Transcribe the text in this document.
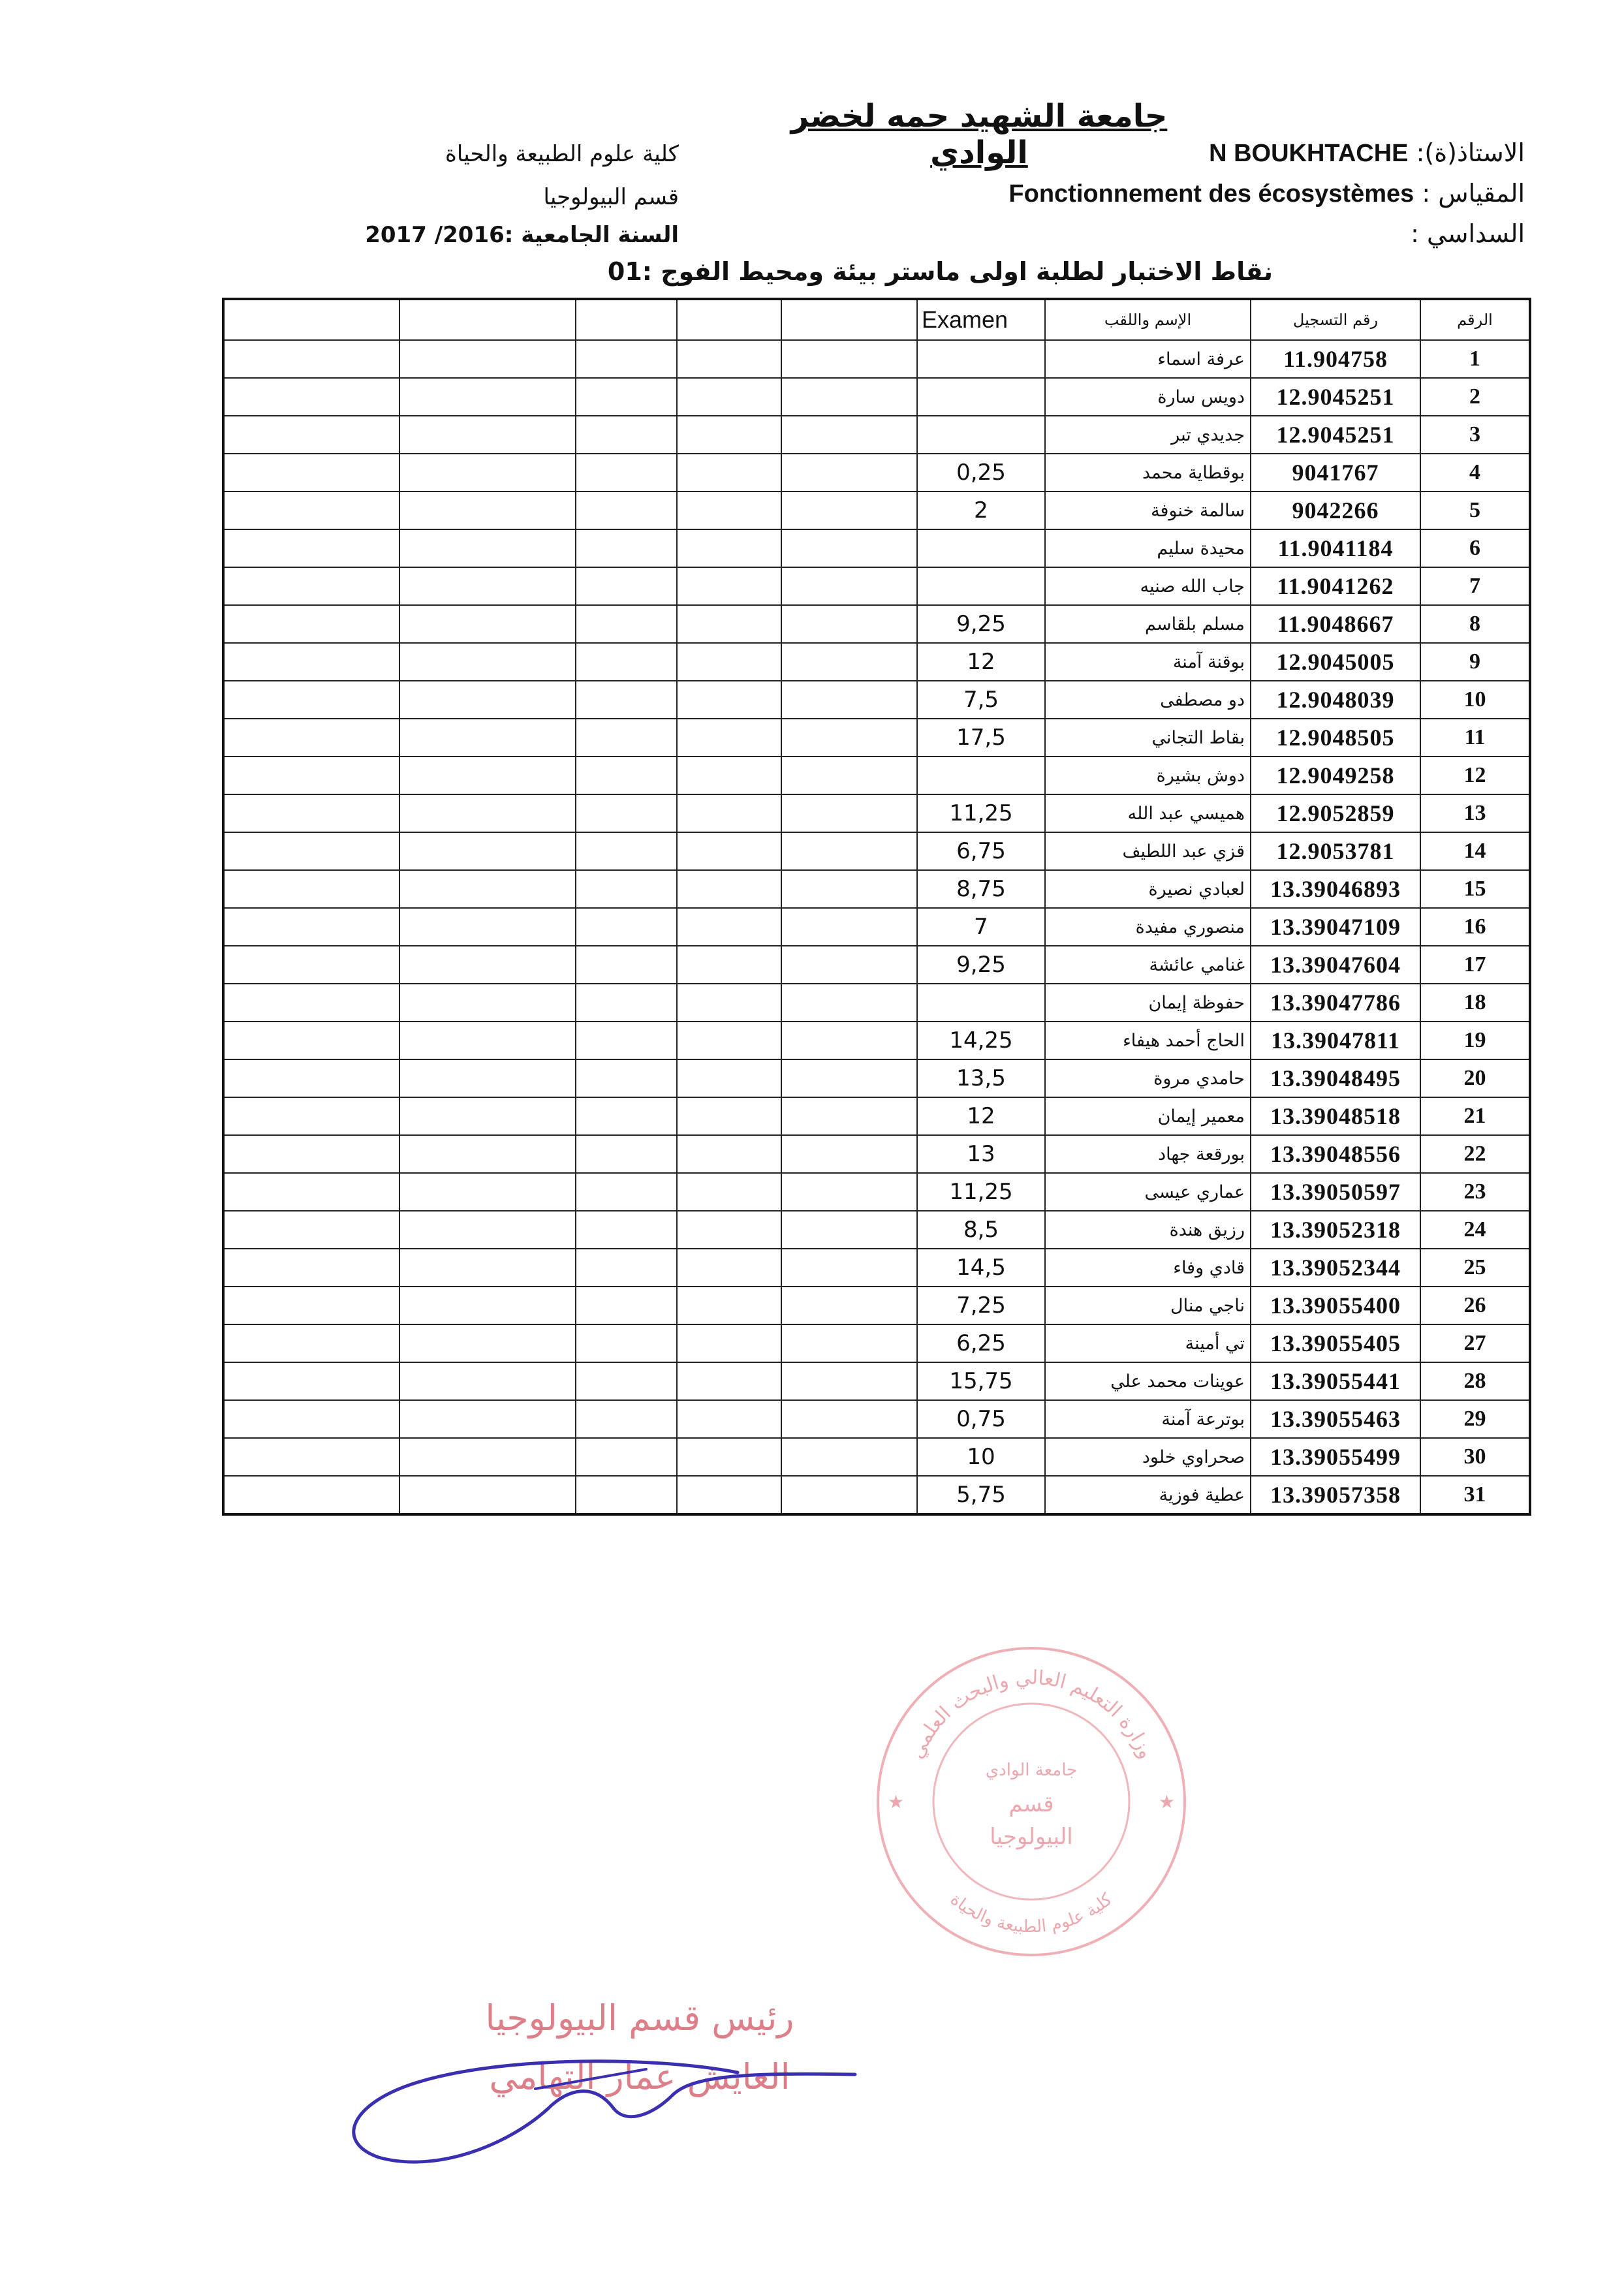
جامعة الشهيد حمه لخضر الوادي	الاستاذ(ة): N BOUKHTACHE
المقياس : Fonctionnement des écosystèmes
السداسي :
كلية علوم الطبيعة والحياة
قسم البيولوجيا
السنة الجامعية :2016/ 2017
نقاط الاختبار لطلبة اولى ماستر بيئة ومحيط الفوج :01
					Examen	الإسم واللقب	رقم التسجيل	الرقم
						عرفة اسماء	11.904758	1
						دويس سارة	12.9045251	2
						جديدي تبر	12.9045251	3
					0,25	بوقطاية محمد	9041767	4
					2	سالمة خنوفة	9042266	5
						محيدة سليم	11.9041184	6
						جاب الله صنيه	11.9041262	7
					9,25	مسلم بلقاسم	11.9048667	8
					12	بوقنة آمنة	12.9045005	9
					7,5	دو مصطفى	12.9048039	10
					17,5	بقاط التجاني	12.9048505	11
						دوش بشيرة	12.9049258	12
					11,25	هميسي عبد الله	12.9052859	13
					6,75	قزي عبد اللطيف	12.9053781	14
					8,75	لعبادي نصيرة	13.39046893	15
					7	منصوري مفيدة	13.39047109	16
					9,25	غنامي عائشة	13.39047604	17
						حفوظة إيمان	13.39047786	18
					14,25	الحاج أحمد هيفاء	13.39047811	19
					13,5	حامدي مروة	13.39048495	20
					12	معمير إيمان	13.39048518	21
					13	بورقعة جهاد	13.39048556	22
					11,25	عماري عيسى	13.39050597	23
					8,5	رزيق هندة	13.39052318	24
					14,5	قادي وفاء	13.39052344	25
					7,25	ناجي منال	13.39055400	26
					6,25	تي أمينة	13.39055405	27
					15,75	عوينات محمد علي	13.39055441	28
					0,75	بوترعة آمنة	13.39055463	29
					10	صحراوي خلود	13.39055499	30
					5,75	عطية فوزية	13.39057358	31
وزارة التعليم العالي والبحث العلمي
كلية علوم الطبيعة والحياة
جامعة الوادي
قسم
البيولوجيا
★	★
رئيس قسم البيولوجيا
العايش عمار التهامي
